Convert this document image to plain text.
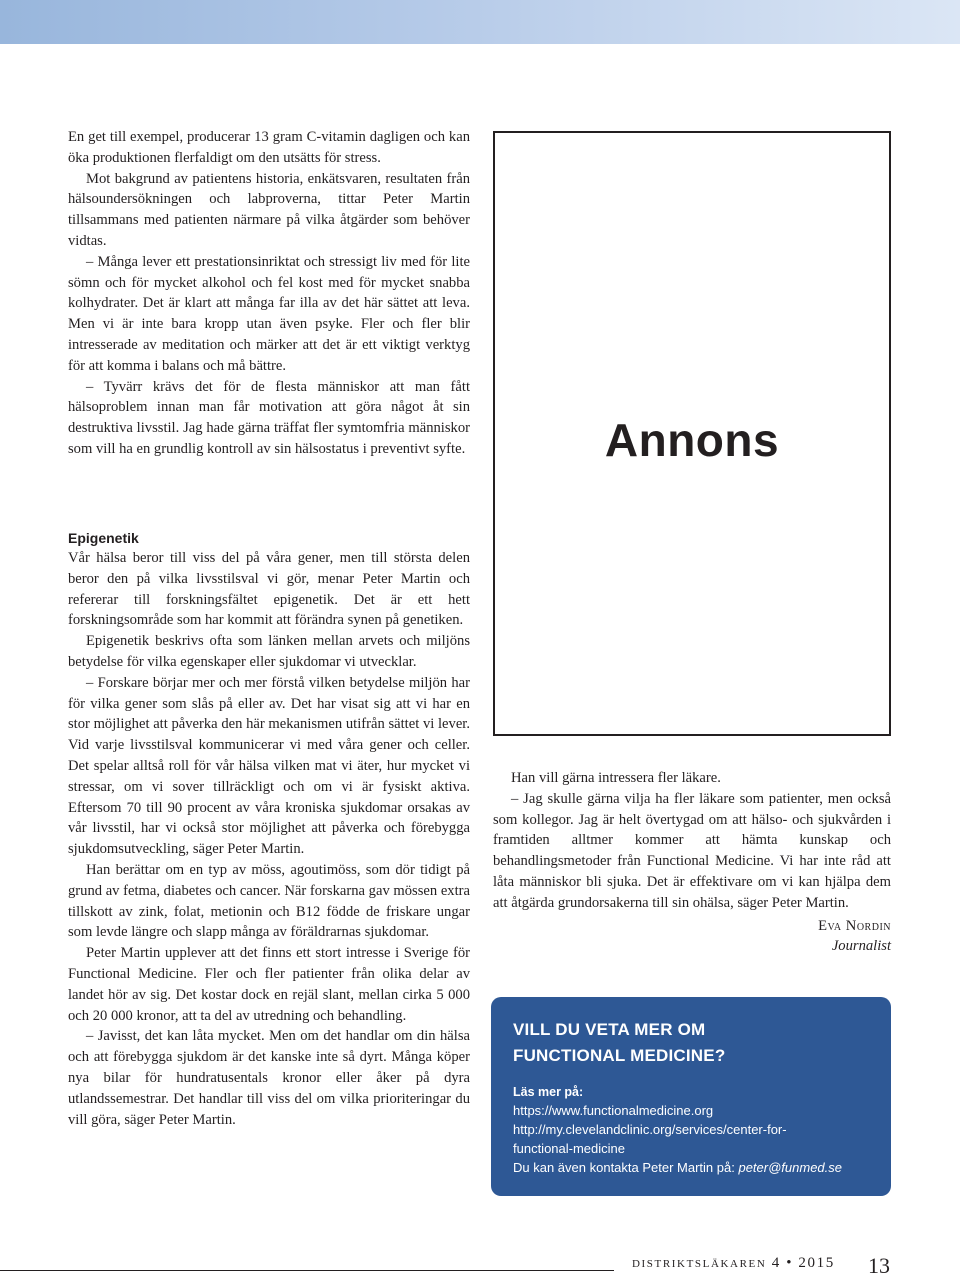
En get till exempel, producerar 13 gram C-vitamin dagligen och kan öka produktionen flerfaldigt om den utsätts för stress.

Mot bakgrund av patientens historia, enkätsvaren, resultaten från hälsoundersökningen och labproverna, tittar Peter Martin tillsammans med patienten närmare på vilka åtgärder som behöver vidtas.

– Många lever ett prestationsinriktat och stressigt liv med för lite sömn och för mycket alkohol och fel kost med för mycket snabba kolhydrater. Det är klart att många far illa av det här sättet att leva. Men vi är inte bara kropp utan även psyke. Fler och fler blir intresserade av meditation och märker att det är ett viktigt verktyg för att komma i balans och må bättre.

– Tyvärr krävs det för de flesta människor att man fått hälsoproblem innan man får motivation att göra något åt sin destruktiva livsstil. Jag hade gärna träffat fler symtomfria människor som vill ha en grundlig kontroll av sin hälsostatus i preventivt syfte.

Epigenetik

Vår hälsa beror till viss del på våra gener, men till största delen beror den på vilka livsstilsval vi gör, menar Peter Martin och refererar till forskningsfältet epigenetik. Det är ett hett forskningsområde som har kommit att förändra synen på genetiken.

Epigenetik beskrivs ofta som länken mellan arvets och miljöns betydelse för vilka egenskaper eller sjukdomar vi utvecklar.

– Forskare börjar mer och mer förstå vilken betydelse miljön har för vilka gener som slås på eller av. Det har visat sig att vi har en stor möjlighet att påverka den här mekanismen utifrån sättet vi lever. Vid varje livsstilsval kommunicerar vi med våra gener och celler. Det spelar alltså roll för vår hälsa vilken mat vi äter, hur mycket vi stressar, om vi sover tillräckligt och om vi är fysiskt aktiva. Eftersom 70 till 90 procent av våra kroniska sjukdomar orsakas av vår livsstil, har vi också stor möjlighet att påverka och förebygga sjukdomsutveckling, säger Peter Martin.

Han berättar om en typ av möss, agoutimöss, som dör tidigt på grund av fetma, diabetes och cancer. När forskarna gav mössen extra tillskott av zink, folat, metionin och B12 födde de friskare ungar som levde längre och slapp många av föräldrarnas sjukdomar.

Peter Martin upplever att det finns ett stort intresse i Sverige för Functional Medicine. Fler och fler patienter från olika delar av landet hör av sig. Det kostar dock en rejäl slant, mellan cirka 5 000 och 20 000 kronor, att ta del av utredning och behandling.

– Javisst, det kan låta mycket. Men om det handlar om din hälsa och att förebygga sjukdom är det kanske inte så dyrt. Många köper nya bilar för hundratusentals kronor eller åker på dyra utlandssemestrar. Det handlar till viss del om vilka prioriteringar du vill göra, säger Peter Martin.

Annons

Han vill gärna intressera fler läkare.

– Jag skulle gärna vilja ha fler läkare som patienter, men också som kollegor. Jag är helt övertygad om att hälso- och sjukvården i framtiden alltmer kommer att hämta kunskap och behandlingsmetoder från Functional Medicine. Vi har inte råd att låta människor bli sjuka. Det är effektivare om vi kan hjälpa dem att åtgärda grundorsakerna till sin ohälsa, säger Peter Martin.

Eva Nordin
Journalist
VILL DU VETA MER OM
FUNCTIONAL MEDICINE?
Läs mer på:
https://www.functionalmedicine.org
http://my.clevelandclinic.org/services/center-for-
functional-medicine
Du kan även kontakta Peter Martin på: peter@funmed.se
distriktsläkaren 4 • 2015 13
